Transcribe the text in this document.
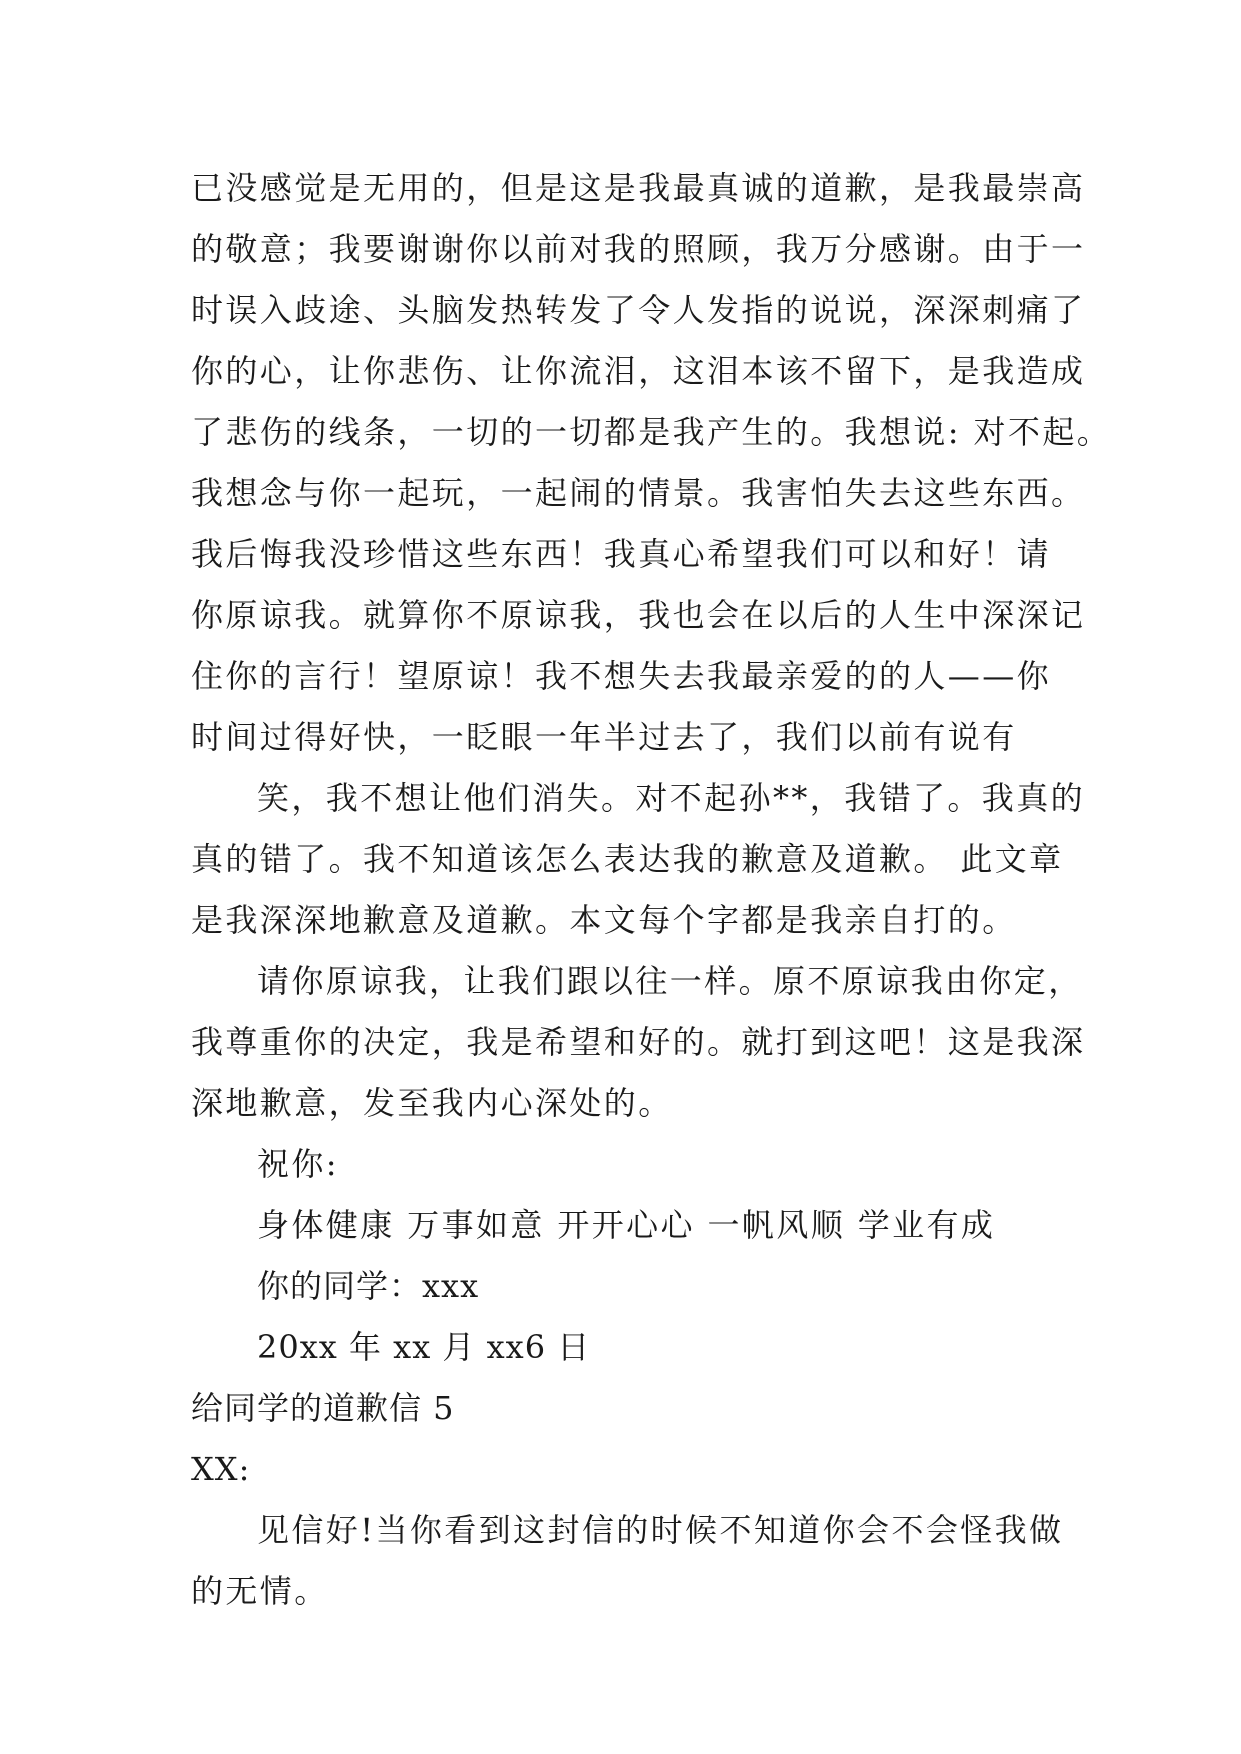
已没感觉是无用的，但是这是我最真诚的道歉，是我最崇高
的敬意；我要谢谢你以前对我的照顾，我万分感谢。由于一
时误入歧途、头脑发热转发了令人发指的说说，深深刺痛了
你的心，让你悲伤、让你流泪，这泪本该不留下，是我造成
了悲伤的线条，一切的一切都是我产生的。我想说: 对不起。
我想念与你一起玩，一起闹的情景。我害怕失去这些东西。
我后悔我没珍惜这些东西！我真心希望我们可以和好！请
你原谅我。就算你不原谅我，我也会在以后的人生中深深记
住你的言行！望原谅！我不想失去我最亲爱的的人——你
时间过得好快，一眨眼一年半过去了，我们以前有说有
笑，我不想让他们消失。对不起孙**，我错了。我真的
真的错了。我不知道该怎么表达我的歉意及道歉。 此文章
是我深深地歉意及道歉。本文每个字都是我亲自打的。
请你原谅我，让我们跟以往一样。原不原谅我由你定，
我尊重你的决定，我是希望和好的。就打到这吧！这是我深
深地歉意，发至我内心深处的。
祝你:
身体健康 万事如意 开开心心 一帆风顺 学业有成
你的同学：xxx
20xx 年 xx 月 xx6 日
给同学的道歉信 5
XX:
见信好!当你看到这封信的时候不知道你会不会怪我做
的无情。
